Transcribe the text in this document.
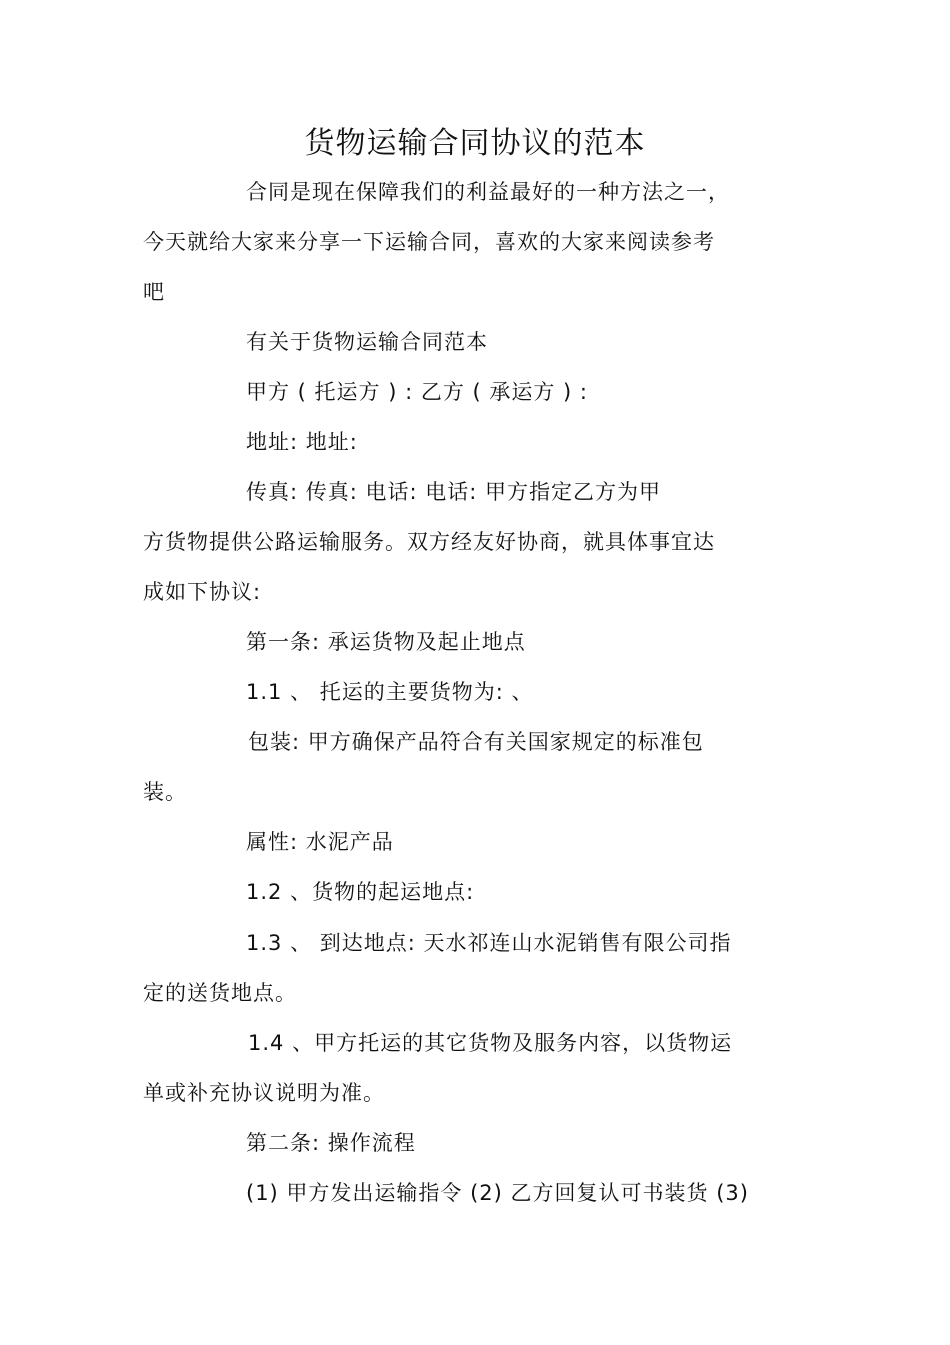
货物运输合同协议的范本
合同是现在保障我们的利益最好的一种方法之一，
今天就给大家来分享一下运输合同，喜欢的大家来阅读参考
吧
有关于货物运输合同范本
甲方 ( 托运方 ) : 乙方 ( 承运方 ) :
地址: 地址:
传真: 传真: 电话: 电话: 甲方指定乙方为甲
方货物提供公路运输服务。双方经友好协商，就具体事宜达
成如下协议:
第一条: 承运货物及起止地点
1.1 、 托运的主要货物为: 、
包装: 甲方确保产品符合有关国家规定的标准包
装。
属性: 水泥产品
1.2 、货物的起运地点:
1.3 、 到达地点: 天水祁连山水泥销售有限公司指
定的送货地点。
1.4 、甲方托运的其它货物及服务内容，以货物运
单或补充协议说明为准。
第二条: 操作流程
(1) 甲方发出运输指令 (2) 乙方回复认可书装货 (3)
